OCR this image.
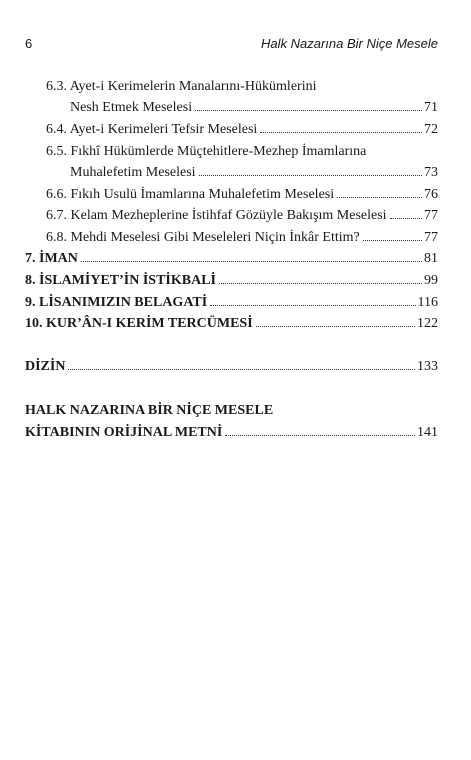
6	Halk Nazarına Bir Niçe Mesele
6.3. Ayet-i Kerimelerin Manalarını-Hükümlerini
Nesh Etmek Meselesi	71
6.4. Ayet-i Kerimeleri Tefsir Meselesi	72
6.5. Fıkhî Hükümlerde Müçtehitlere-Mezhep İmamlarına
Muhalefetim Meselesi	73
6.6. Fıkıh Usulü İmamlarına Muhalefetim Meselesi	76
6.7. Kelam Mezheplerine İstihfaf Gözüyle Bakışım Meselesi	77
6.8. Mehdi Meselesi Gibi Meseleleri Niçin İnkâr Ettim?	77
7. İMAN	81
8. İSLAMİYET’İN İSTİKBALİ	99
9. LİSANIMIZIN BELAGATİ	116
10. KUR’ÂN-I KERİM TERCÜMESİ	122
DİZİN	133
HALK NAZARINA BİR NİÇE MESELE
KİTABININ ORİJİNAL METNİ	141
